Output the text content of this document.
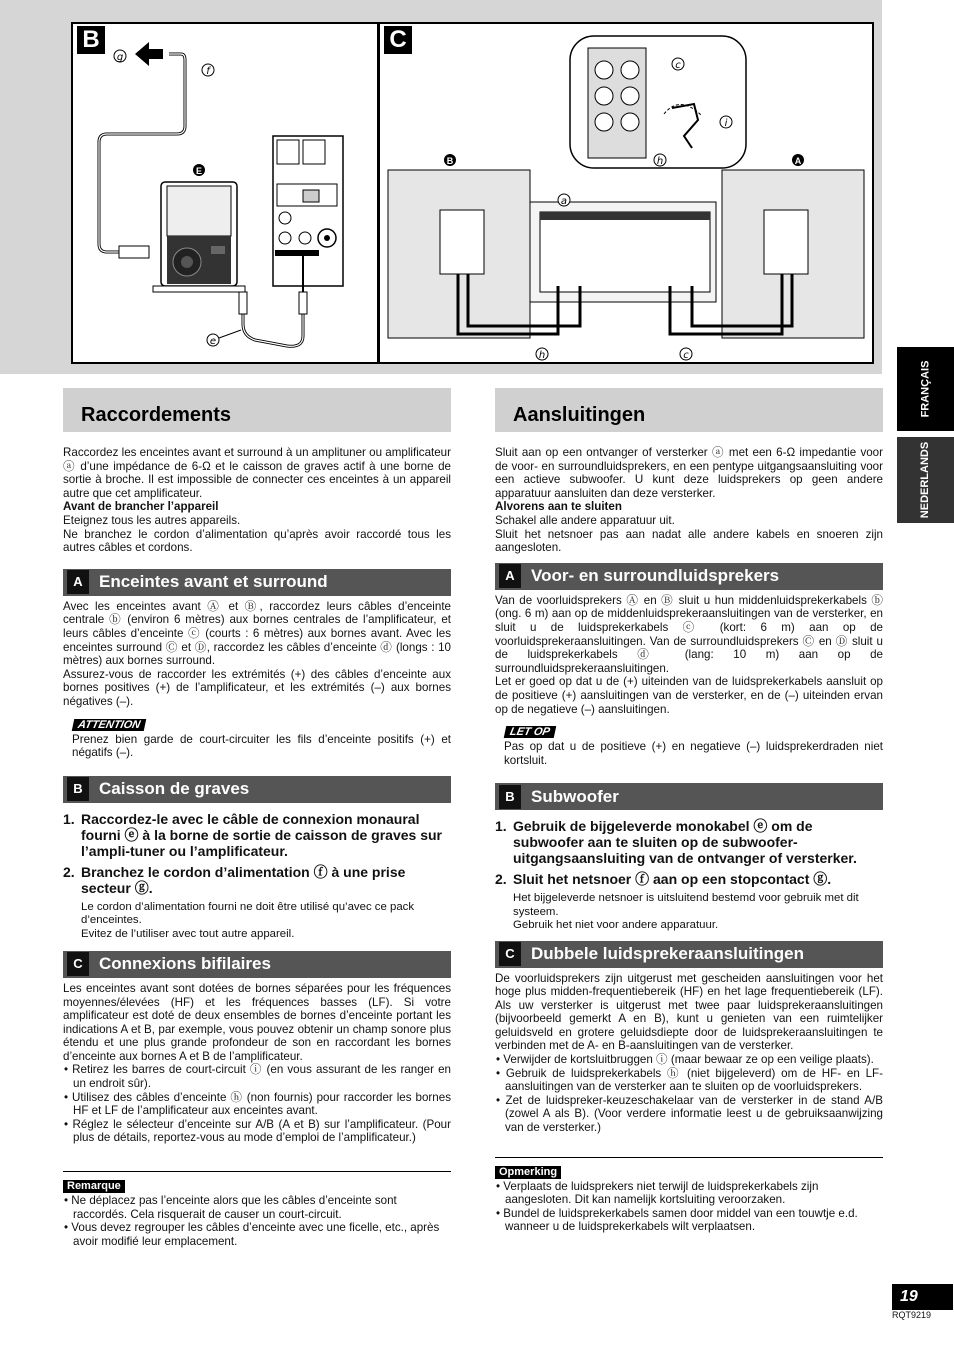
B
g
f
E
e
C
c
i
h
B	A
a
h	c
FRANÇAIS
NEDERLANDS
Raccordements

Raccordez les enceintes avant et surround à un amplituner ou amplificateur ⓐ d’une impédance de 6-Ω et le caisson de graves actif à une borne de sortie à broche. Il est impossible de connecter ces enceintes à un appareil autre que cet amplificateur.

Avant de brancher l’appareil

Eteignez tous les autres appareils.

Ne branchez le cordon d’alimentation qu’après avoir raccordé tous les autres câbles et cordons.

A Enceintes avant et surround

Avec les enceintes avant Ⓐ et Ⓑ, raccordez leurs câbles d’enceinte centrale ⓑ (environ 6 mètres) aux bornes centrales de l’amplificateur, et leurs câbles d’enceinte ⓒ (courts : 6 mètres) aux bornes avant. Avec les enceintes surround Ⓒ et Ⓓ, raccordez les câbles d’enceinte ⓓ (longs : 10 mètres) aux bornes surround.

Assurez-vous de raccorder les extrémités (+) des câbles d’enceinte aux bornes positives (+) de l’amplificateur, et les extrémités (–) aux bornes négatives (–).

ATTENTION

Prenez bien garde de court-circuiter les fils d’enceinte positifs (+) et négatifs (–).

B Caisson de graves
1. Raccordez-le avec le câble de connexion monaural fourni ⓔ à la borne de sortie de caisson de graves sur l’ampli-tuner ou l’amplificateur.
2. Branchez le cordon d’alimentation ⓕ à une prise secteur ⓖ.

Le cordon d’alimentation fourni ne doit être utilisé qu’avec ce pack d’enceintes.

Evitez de l’utiliser avec tout autre appareil.

C Connexions bifilaires

Les enceintes avant sont dotées de bornes séparées pour les fréquences moyennes/élevées (HF) et les fréquences basses (LF). Si votre amplificateur est doté de deux ensembles de bornes d’enceinte portant les indications A et B, par exemple, vous pouvez obtenir un champ sonore plus étendu et une plus grande profondeur de son en raccordant les bornes d’enceinte aux bornes A et B de l’amplificateur.

• Retirez les barres de court-circuit ⓘ (en vous assurant de les ranger en un endroit sûr).
• Utilisez des câbles d’enceinte ⓗ (non fournis) pour raccorder les bornes HF et LF de l’amplificateur aux enceintes avant.
• Réglez le sélecteur d’enceinte sur A/B (A et B) sur l’amplificateur. (Pour plus de détails, reportez-vous au mode d’emploi de l’amplificateur.)
Remarque
• Ne déplacez pas l’enceinte alors que les câbles d’enceinte sont raccordés. Cela risquerait de causer un court-circuit.
• Vous devez regrouper les câbles d’enceinte avec une ficelle, etc., après avoir modifié leur emplacement.
Aansluitingen

Sluit aan op een ontvanger of versterker ⓐ met een 6-Ω impedantie voor de voor- en surroundluidsprekers, en een pentype uitgangsaansluiting voor een actieve subwoofer. U kunt deze luidsprekers op geen andere apparatuur aansluiten dan deze versterker.

Alvorens aan te sluiten

Schakel alle andere apparatuur uit.

Sluit het netsnoer pas aan nadat alle andere kabels en snoeren zijn aangesloten.

A Voor- en surroundluidsprekers

Van de voorluidsprekers Ⓐ en Ⓑ sluit u hun middenluidsprekerkabels ⓑ (ong. 6 m) aan op de middenluidsprekeraansluitingen van de versterker, en sluit u de luidsprekerkabels ⓒ (kort: 6 m) aan op de voorluidsprekeraansluitingen. Van de surroundluidsprekers Ⓒ en Ⓓ sluit u de luidsprekerkabels ⓓ (lang: 10 m) aan op de surroundluidsprekeraansluitingen.

Let er goed op dat u de (+) uiteinden van de luidsprekerkabels aansluit op de positieve (+) aansluitingen van de versterker, en de (–) uiteinden ervan op de negatieve (–) aansluitingen.

LET OP

Pas op dat u de positieve (+) en negatieve (–) luidsprekerdraden niet kortsluit.

B Subwoofer
1. Gebruik de bijgeleverde monokabel ⓔ om de subwoofer aan te sluiten op de subwoofer-uitgangsaansluiting van de ontvanger of versterker.
2. Sluit het netsnoer ⓕ aan op een stopcontact ⓖ.

Het bijgeleverde netsnoer is uitsluitend bestemd voor gebruik met dit systeem.

Gebruik het niet voor andere apparatuur.

C Dubbele luidsprekeraansluitingen

De voorluidsprekers zijn uitgerust met gescheiden aansluitingen voor het hoge plus midden-frequentiebereik (HF) en het lage frequentiebereik (LF). Als uw versterker is uitgerust met twee paar luidsprekeraansluitingen (bijvoorbeeld gemerkt A en B), kunt u genieten van een ruimtelijker geluidsveld en grotere geluidsdiepte door de luidsprekeraansluitingen te verbinden met de A- en B-aansluitingen van de versterker.

• Verwijder de kortsluitbruggen ⓘ (maar bewaar ze op een veilige plaats).
• Gebruik de luidsprekerkabels ⓗ (niet bijgeleverd) om de HF- en LF-aansluitingen van de versterker aan te sluiten op de voorluidsprekers.
• Zet de luidspreker-keuzeschakelaar van de versterker in de stand A/B (zowel A als B). (Voor verdere informatie leest u de gebruiksaanwijzing van de versterker.)
Opmerking
• Verplaats de luidsprekers niet terwijl de luidsprekerkabels zijn aangesloten. Dit kan namelijk kortsluiting veroorzaken.
• Bundel de luidsprekerkabels samen door middel van een touwtje e.d. wanneer u de luidsprekerkabels wilt verplaatsen.
19
RQT9219
